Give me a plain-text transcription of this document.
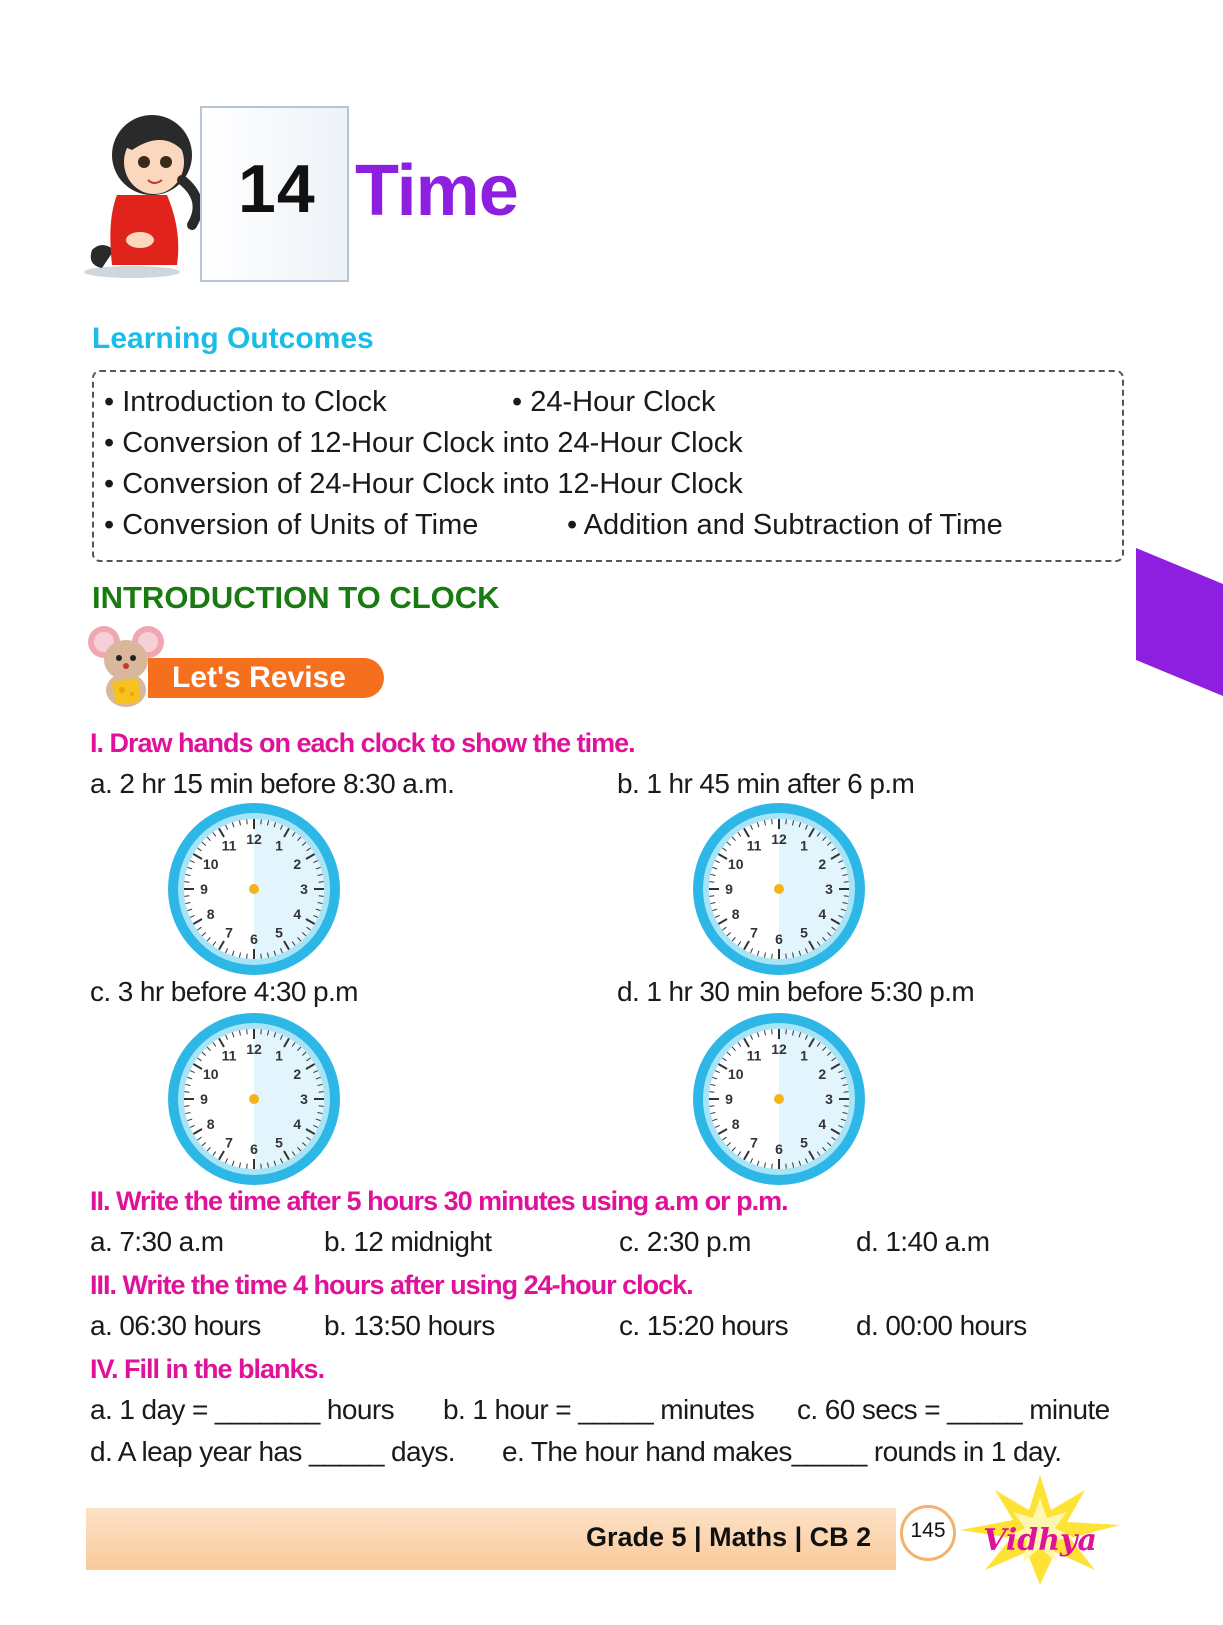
14 Time
Learning Outcomes
• Introduction to Clock	• 24-Hour Clock
• Conversion of 12-Hour Clock into 24-Hour Clock
• Conversion of 24-Hour Clock into 12-Hour Clock
• Conversion of Units of Time	• Addition and Subtraction of Time
INTRODUCTION TO CLOCK
Let's Revise
I. Draw hands on each clock to show the time.
a. 2 hr 15 min before 8:30 a.m.	b. 1 hr 45 min after 6 p.m
12 1
2
3
4
5
6
7
8
9
10
11	12 1
2
3
4
5
6
7
8
9
10
11
c. 3 hr before 4:30 p.m	d. 1 hr 30 min before 5:30 p.m
12 1
2
3
4
5
6
7
8
9
10
11	12 1
2
3
4
5
6
7
8
9
10
11
II. Write the time after 5 hours 30 minutes using a.m or p.m.
a. 7:30 a.m	b. 12 midnight	c. 2:30 p.m	d. 1:40 a.m
III. Write the time 4 hours after using 24-hour clock.
a. 06:30 hours b. 13:50 hours	c. 15:20 hours d. 00:00 hours
IV. Fill in the blanks.
a. 1 day = _______ hours b. 1 hour = _____ minutes c. 60 secs = _____ minute
d. A leap year has _____ days. e. The hour hand makes_____ rounds in 1 day.
Grade 5 | Maths | CB 2	145	Vidhya
